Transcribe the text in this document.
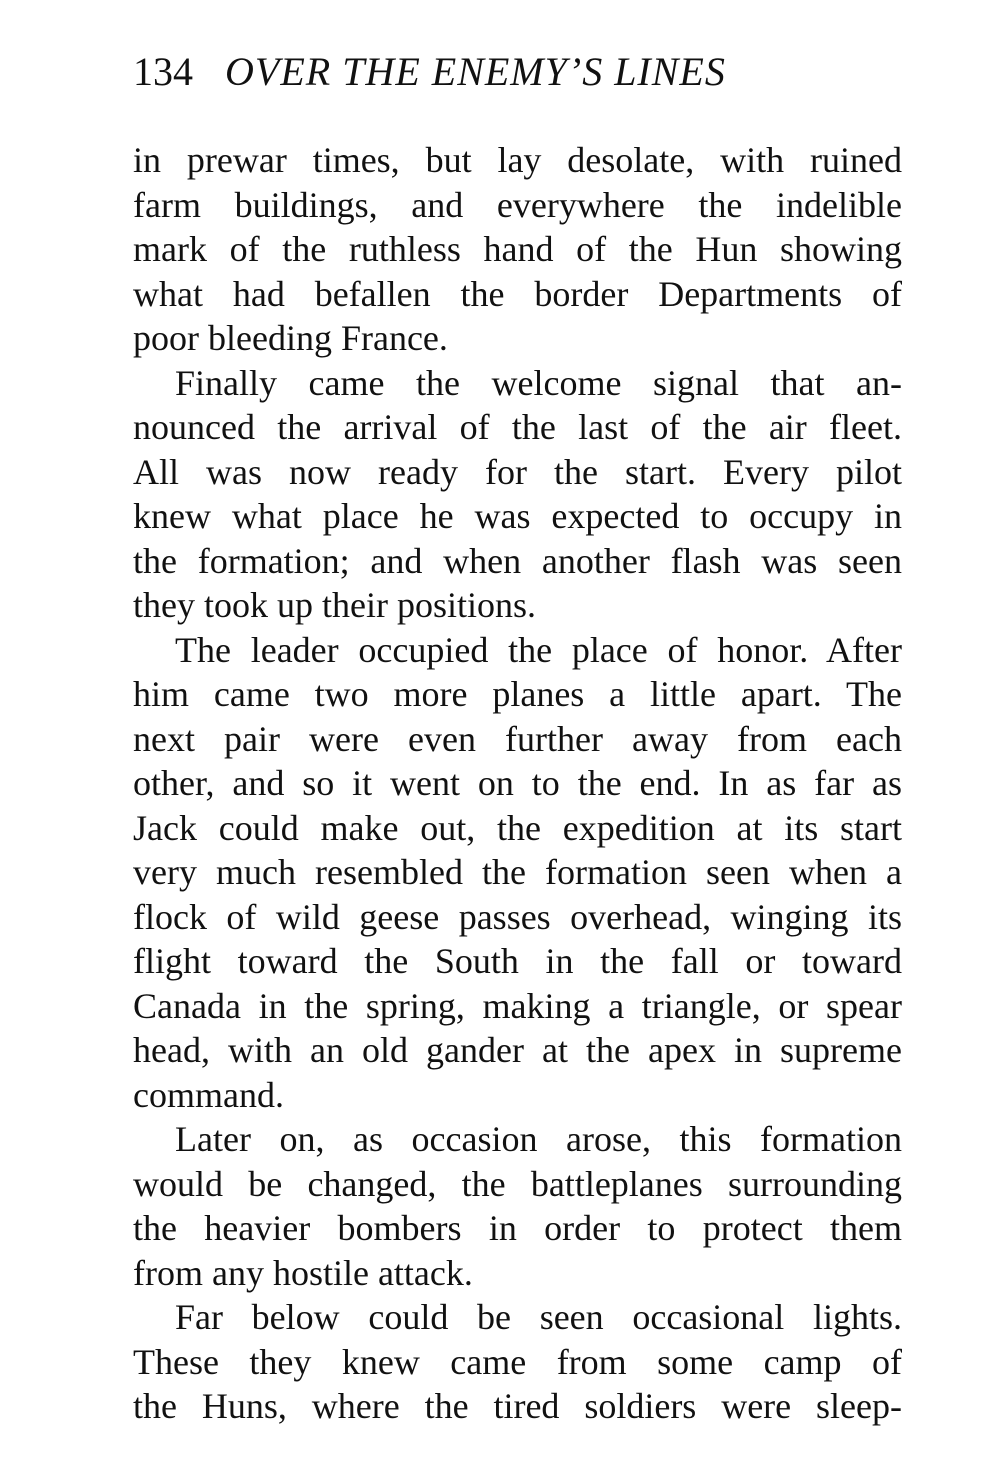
134 OVER THE ENEMY’S LINES
in prewar times, but lay desolate, with ruined
farm buildings, and everywhere the indelible
mark of the ruthless hand of the Hun showing
what had befallen the border Departments of
poor bleeding France.
Finally came the welcome signal that an-
nounced the arrival of the last of the air fleet.
All was now ready for the start. Every pilot
knew what place he was expected to occupy in
the formation; and when another flash was seen
they took up their positions.
The leader occupied the place of honor. After
him came two more planes a little apart. The
next pair were even further away from each
other, and so it went on to the end. In as far as
Jack could make out, the expedition at its start
very much resembled the formation seen when a
flock of wild geese passes overhead, winging its
flight toward the South in the fall or toward
Canada in the spring, making a triangle, or spear
head, with an old gander at the apex in supreme
command.
Later on, as occasion arose, this formation
would be changed, the battleplanes surrounding
the heavier bombers in order to protect them
from any hostile attack.
Far below could be seen occasional lights.
These they knew came from some camp of
the Huns, where the tired soldiers were sleep-
